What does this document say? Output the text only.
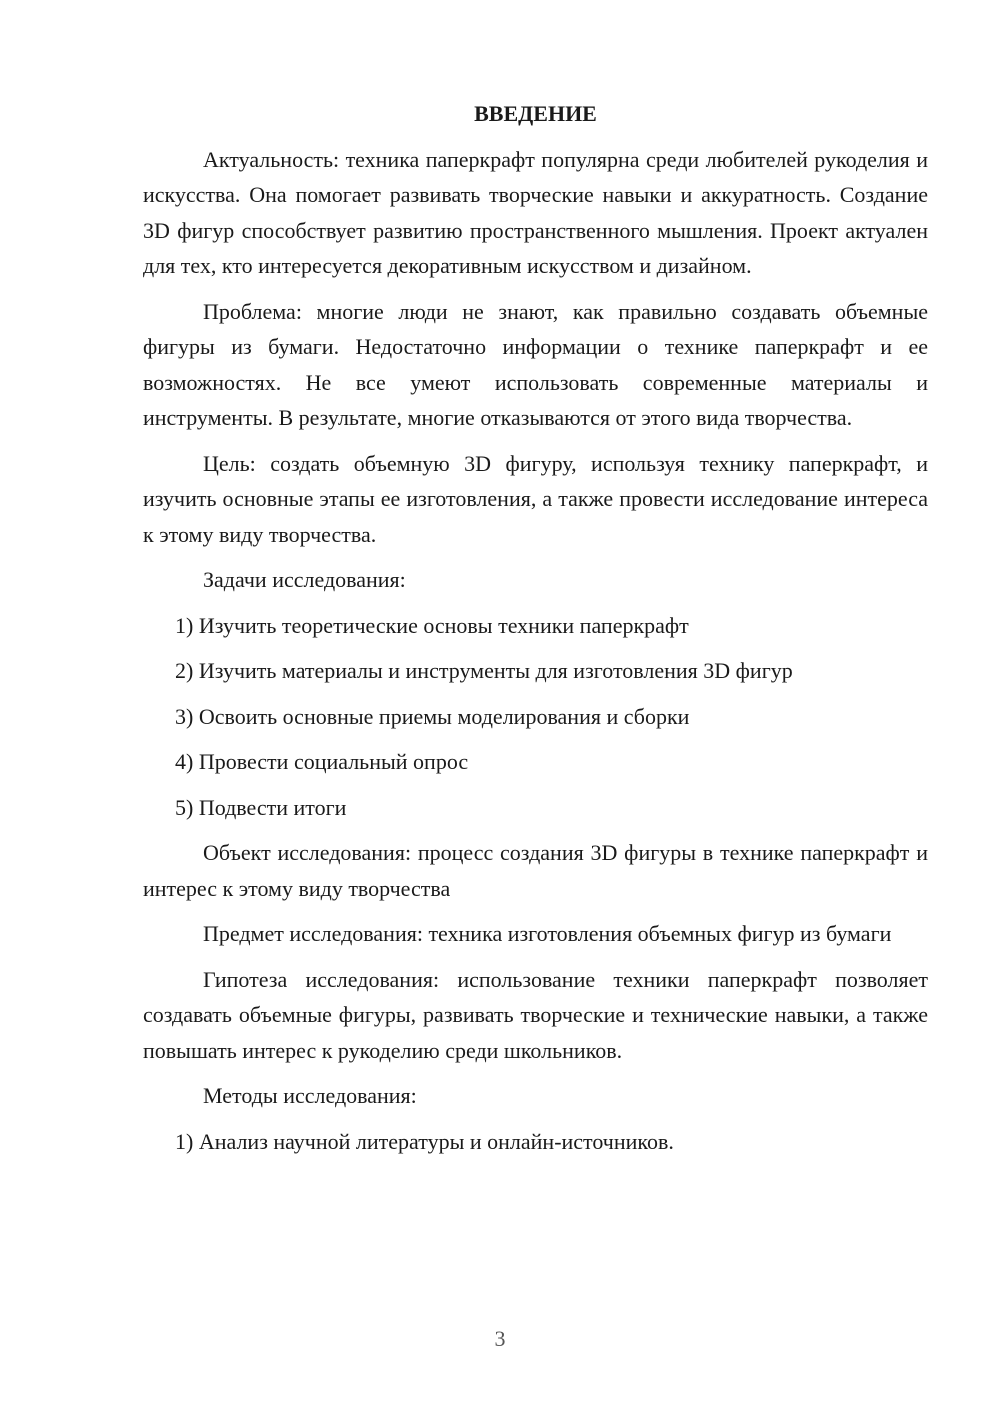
ВВЕДЕНИЕ

Актуальность: техника паперкрафт популярна среди любителей рукоделия и искусства. Она помогает развивать творческие навыки и аккуратность. Создание 3D фигур способствует развитию пространственного мышления. Проект актуален для тех, кто интересуется декоративным искусством и дизайном.

Проблема: многие люди не знают, как правильно создавать объемные фигуры из бумаги. Недостаточно информации о технике паперкрафт и ее возможностях. Не все умеют использовать современные материалы и инструменты. В результате, многие отказываются от этого вида творчества.

Цель: создать объемную 3D фигуру, используя технику паперкрафт, и изучить основные этапы ее изготовления, а также провести исследование интереса к этому виду творчества.

Задачи исследования:

1) Изучить теоретические основы техники паперкрафт
2) Изучить материалы и инструменты для изготовления 3D фигур
3) Освоить основные приемы моделирования и сборки
4) Провести социальный опрос
5) Подвести итоги

Объект исследования: процесс создания 3D фигуры в технике паперкрафт и интерес к этому виду творчества

Предмет исследования: техника изготовления объемных фигур из бумаги

Гипотеза исследования: использование техники паперкрафт позволяет создавать объемные фигуры, развивать творческие и технические навыки, а также повышать интерес к рукоделию среди школьников.

Методы исследования:

1) Анализ научной литературы и онлайн-источников.
3
